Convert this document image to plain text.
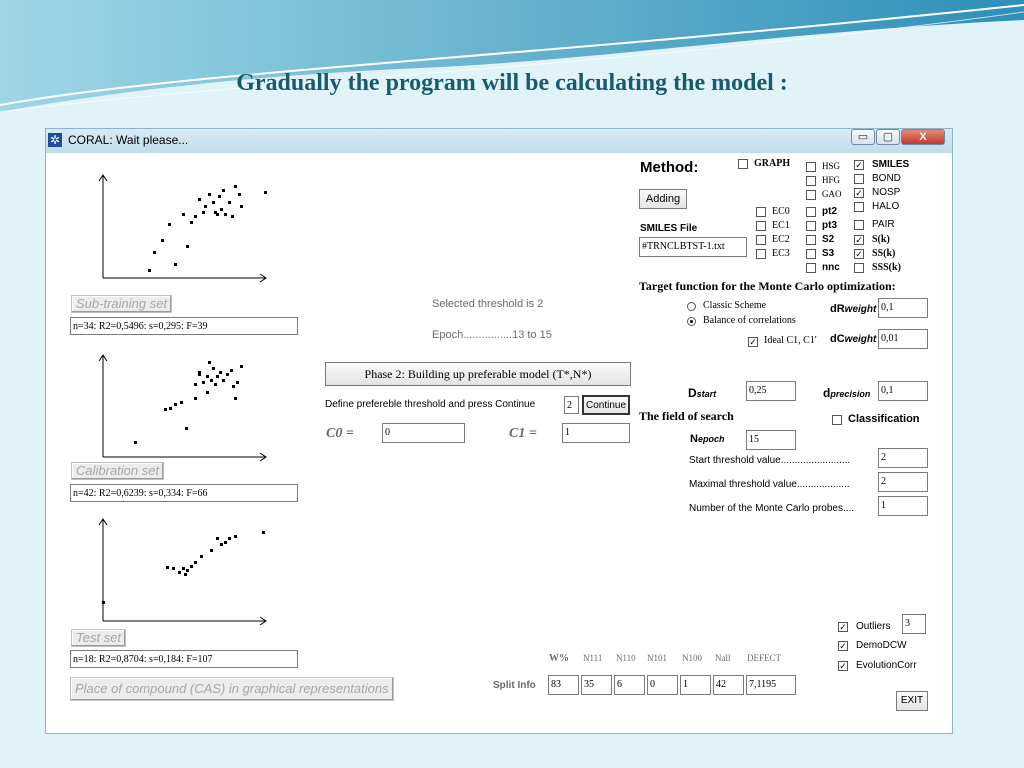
Gradually the program will be calculating the model :
✲ CORAL: Wait please...	▭	▢	X
Sub-training set
n=34: R2=0,5496: s=0,295: F=39
Calibration set
n=42: R2=0,6239: s=0,334: F=66
Test set
n=18: R2=0,8704: s=0,184: F=107
Place of compound (CAS) in graphical representations
Selected threshold is 2
Epoch................13 to 15
Phase 2: Building up preferable model (T*,N*)
Define prefereble threshold and press Continue	2	Continue
C0 =	0	C1 =	1
W% N111 N110 N101 N100 Nall DEFECT
Split Info	83	35	6	0	1	42	7,1195
Method:	GRAPH
Adding
SMILES File
#TRNCLBTST-1.txt
EC0
EC1
EC2
EC3
HSG
HFG
GAO
pt2
pt3
S2
S3
nnc
✓ SMILES
BOND
✓ NOSP
HALO
PAIR
✓ S(k)
✓ SS(k)
SSS(k)
Target function for the Monte Carlo optimization:
Classic Scheme
Balance of correlations
✓ Ideal C1, C1'
dRweight 0,1
dCweight 0,01
Dstart	0,25	dprecision	0,1
The field of search	Classification
Nepoch	15
Start threshold value.........................	2
Maximal threshold value...................	2
Number of the Monte Carlo probes....	1
✓ Outliers	3
✓ DemoDCW
✓ EvolutionCorr
EXIT
